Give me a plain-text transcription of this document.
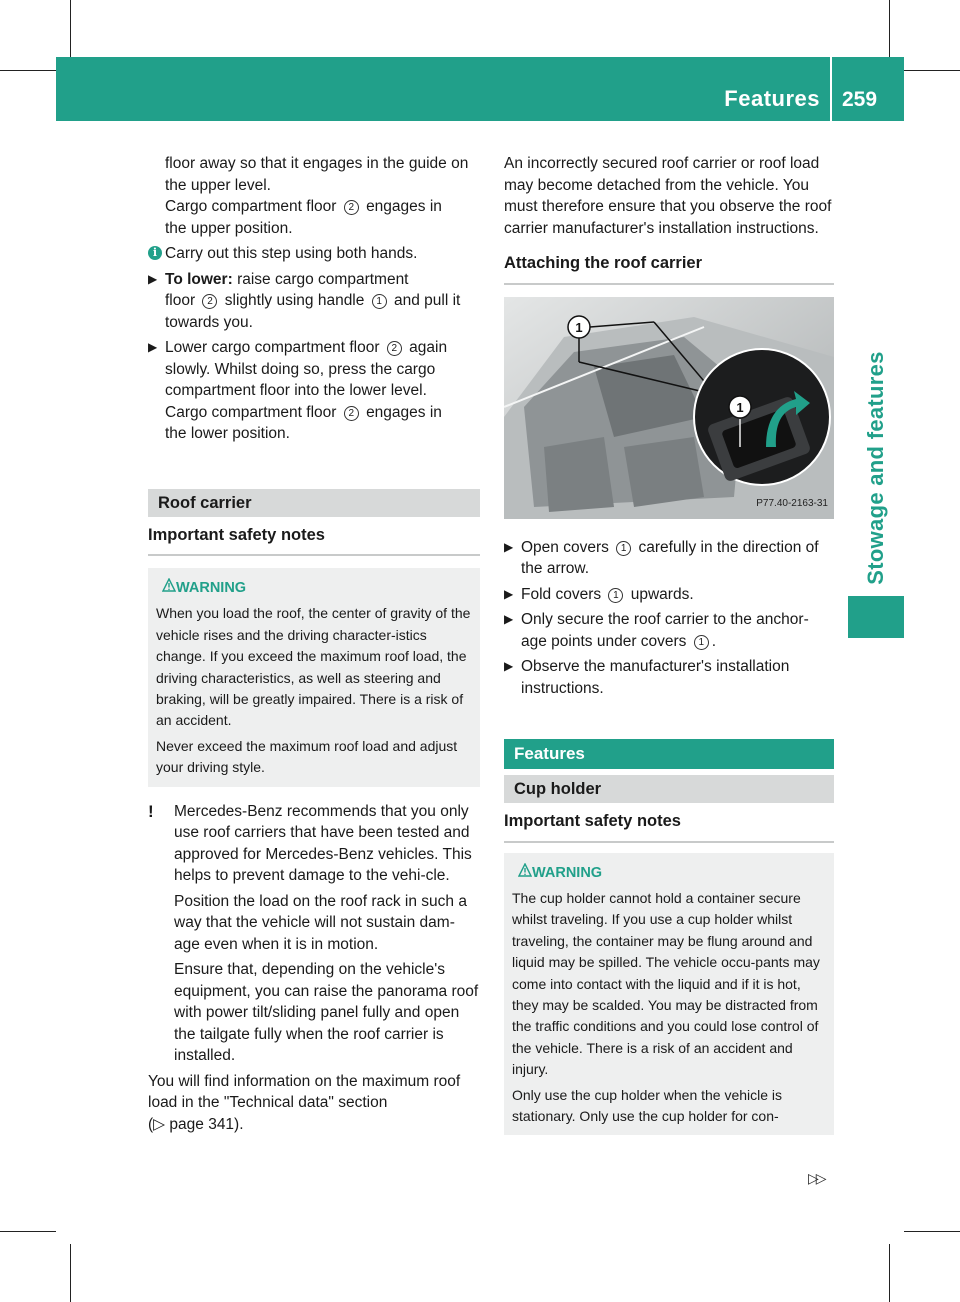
Features 259
Stowage and features

floor away so that it engages in the guide on
the upper level.
Cargo compartment floor 2 engages in
the upper position.

i Carry out this step using both hands.

▶ To lower: raise cargo compartment
floor 2 slightly using handle 1 and pull it
towards you.

▶ Lower cargo compartment floor 2 again
slowly. Whilst doing so, press the cargo
compartment floor into the lower level.
Cargo compartment floor 2 engages in
the lower position.

Roof carrier
Important safety notes
WARNING

When you load the roof, the center of gravity of the vehicle rises and the driving character-istics change. If you exceed the maximum roof load, the driving characteristics, as well as steering and braking, will be greatly impaired. There is a risk of an accident.

Never exceed the maximum roof load and adjust your driving style.

! Mercedes-Benz recommends that you only use roof carriers that have been tested and approved for Mercedes-Benz vehicles. This helps to prevent damage to the vehi-cle.

Position the load on the roof rack in such a way that the vehicle will not sustain dam-age even when it is in motion.

Ensure that, depending on the vehicle's equipment, you can raise the panorama roof with power tilt/sliding panel fully and open the tailgate fully when the roof carrier is installed.

You will find information on the maximum roof load in the "Technical data" section
(▷ page 341).

An incorrectly secured roof carrier or roof load may become detached from the vehicle. You must therefore ensure that you observe the roof carrier manufacturer's installation instructions.

Attaching the roof carrier
1
1
P77.40-2163-31

▶ Open covers 1 carefully in the direction of the arrow.

▶ Fold covers 1 upwards.

▶ Only secure the roof carrier to the anchor-age points under covers 1 .

▶ Observe the manufacturer's installation instructions.

Features
Cup holder
Important safety notes
WARNING

The cup holder cannot hold a container secure whilst traveling. If you use a cup holder whilst traveling, the container may be flung around and liquid may be spilled. The vehicle occu-pants may come into contact with the liquid and if it is hot, they may be scalded. You may be distracted from the traffic conditions and you could lose control of the vehicle. There is a risk of an accident and injury.

Only use the cup holder when the vehicle is stationary. Only use the cup holder for con-

▷▷
